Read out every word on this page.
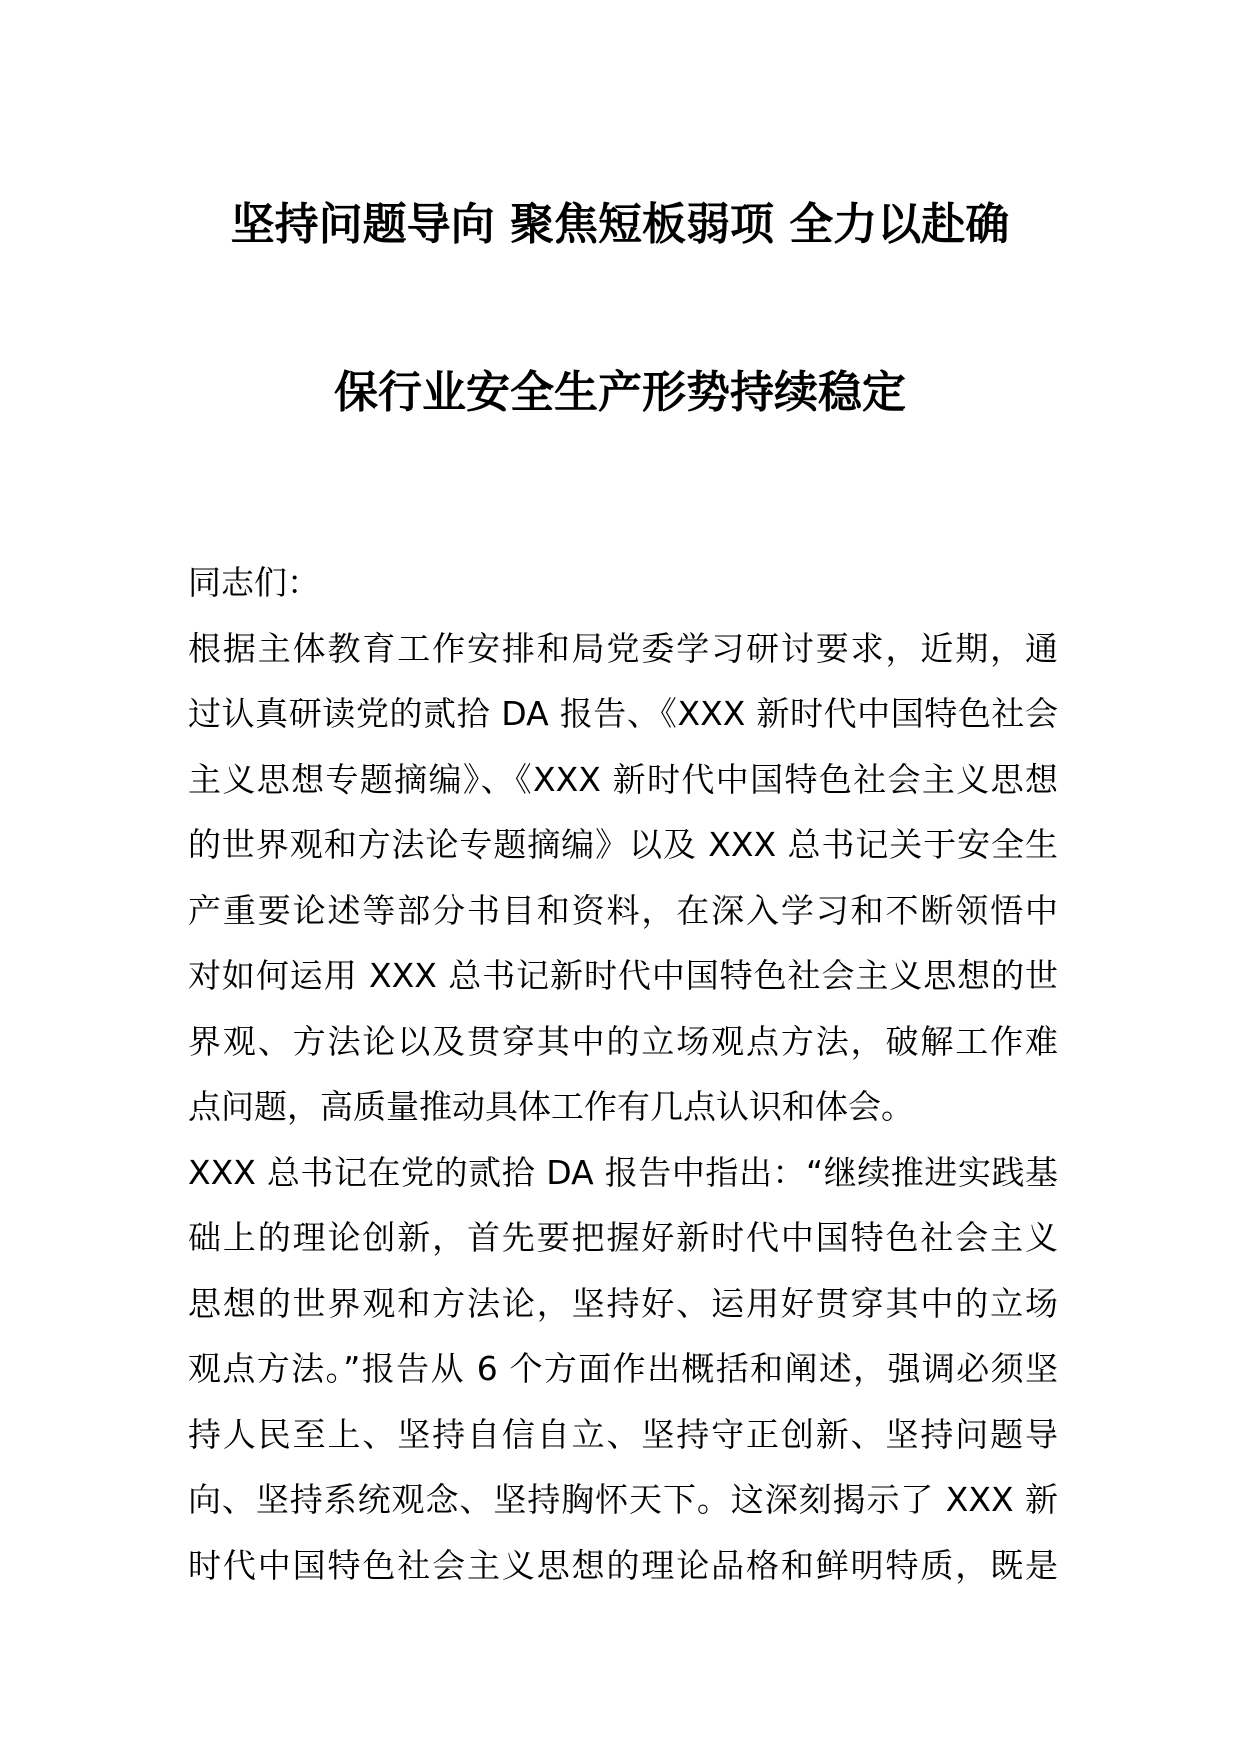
坚持问题导向 聚焦短板弱项 全力以赴确
保行业安全生产形势持续稳定
同志们：
根据主体教育工作安排和局党委学习研讨要求，近期，通
过认真研读党的贰拾 DA 报告、《XXX 新时代中国特色社会
主义思想专题摘编》、《XXX 新时代中国特色社会主义思想
的世界观和方法论专题摘编》以及 XXX 总书记关于安全生
产重要论述等部分书目和资料，在深入学习和不断领悟中
对如何运用 XXX 总书记新时代中国特色社会主义思想的世
界观、方法论以及贯穿其中的立场观点方法，破解工作难
点问题，高质量推动具体工作有几点认识和体会。
XXX 总书记在党的贰拾 DA 报告中指出：“继续推进实践基
础上的理论创新，首先要把握好新时代中国特色社会主义
思想的世界观和方法论，坚持好、运用好贯穿其中的立场
观点方法。”报告从 6 个方面作出概括和阐述，强调必须坚
持人民至上、坚持自信自立、坚持守正创新、坚持问题导
向、坚持系统观念、坚持胸怀天下。这深刻揭示了 XXX 新
时代中国特色社会主义思想的理论品格和鲜明特质，既是
